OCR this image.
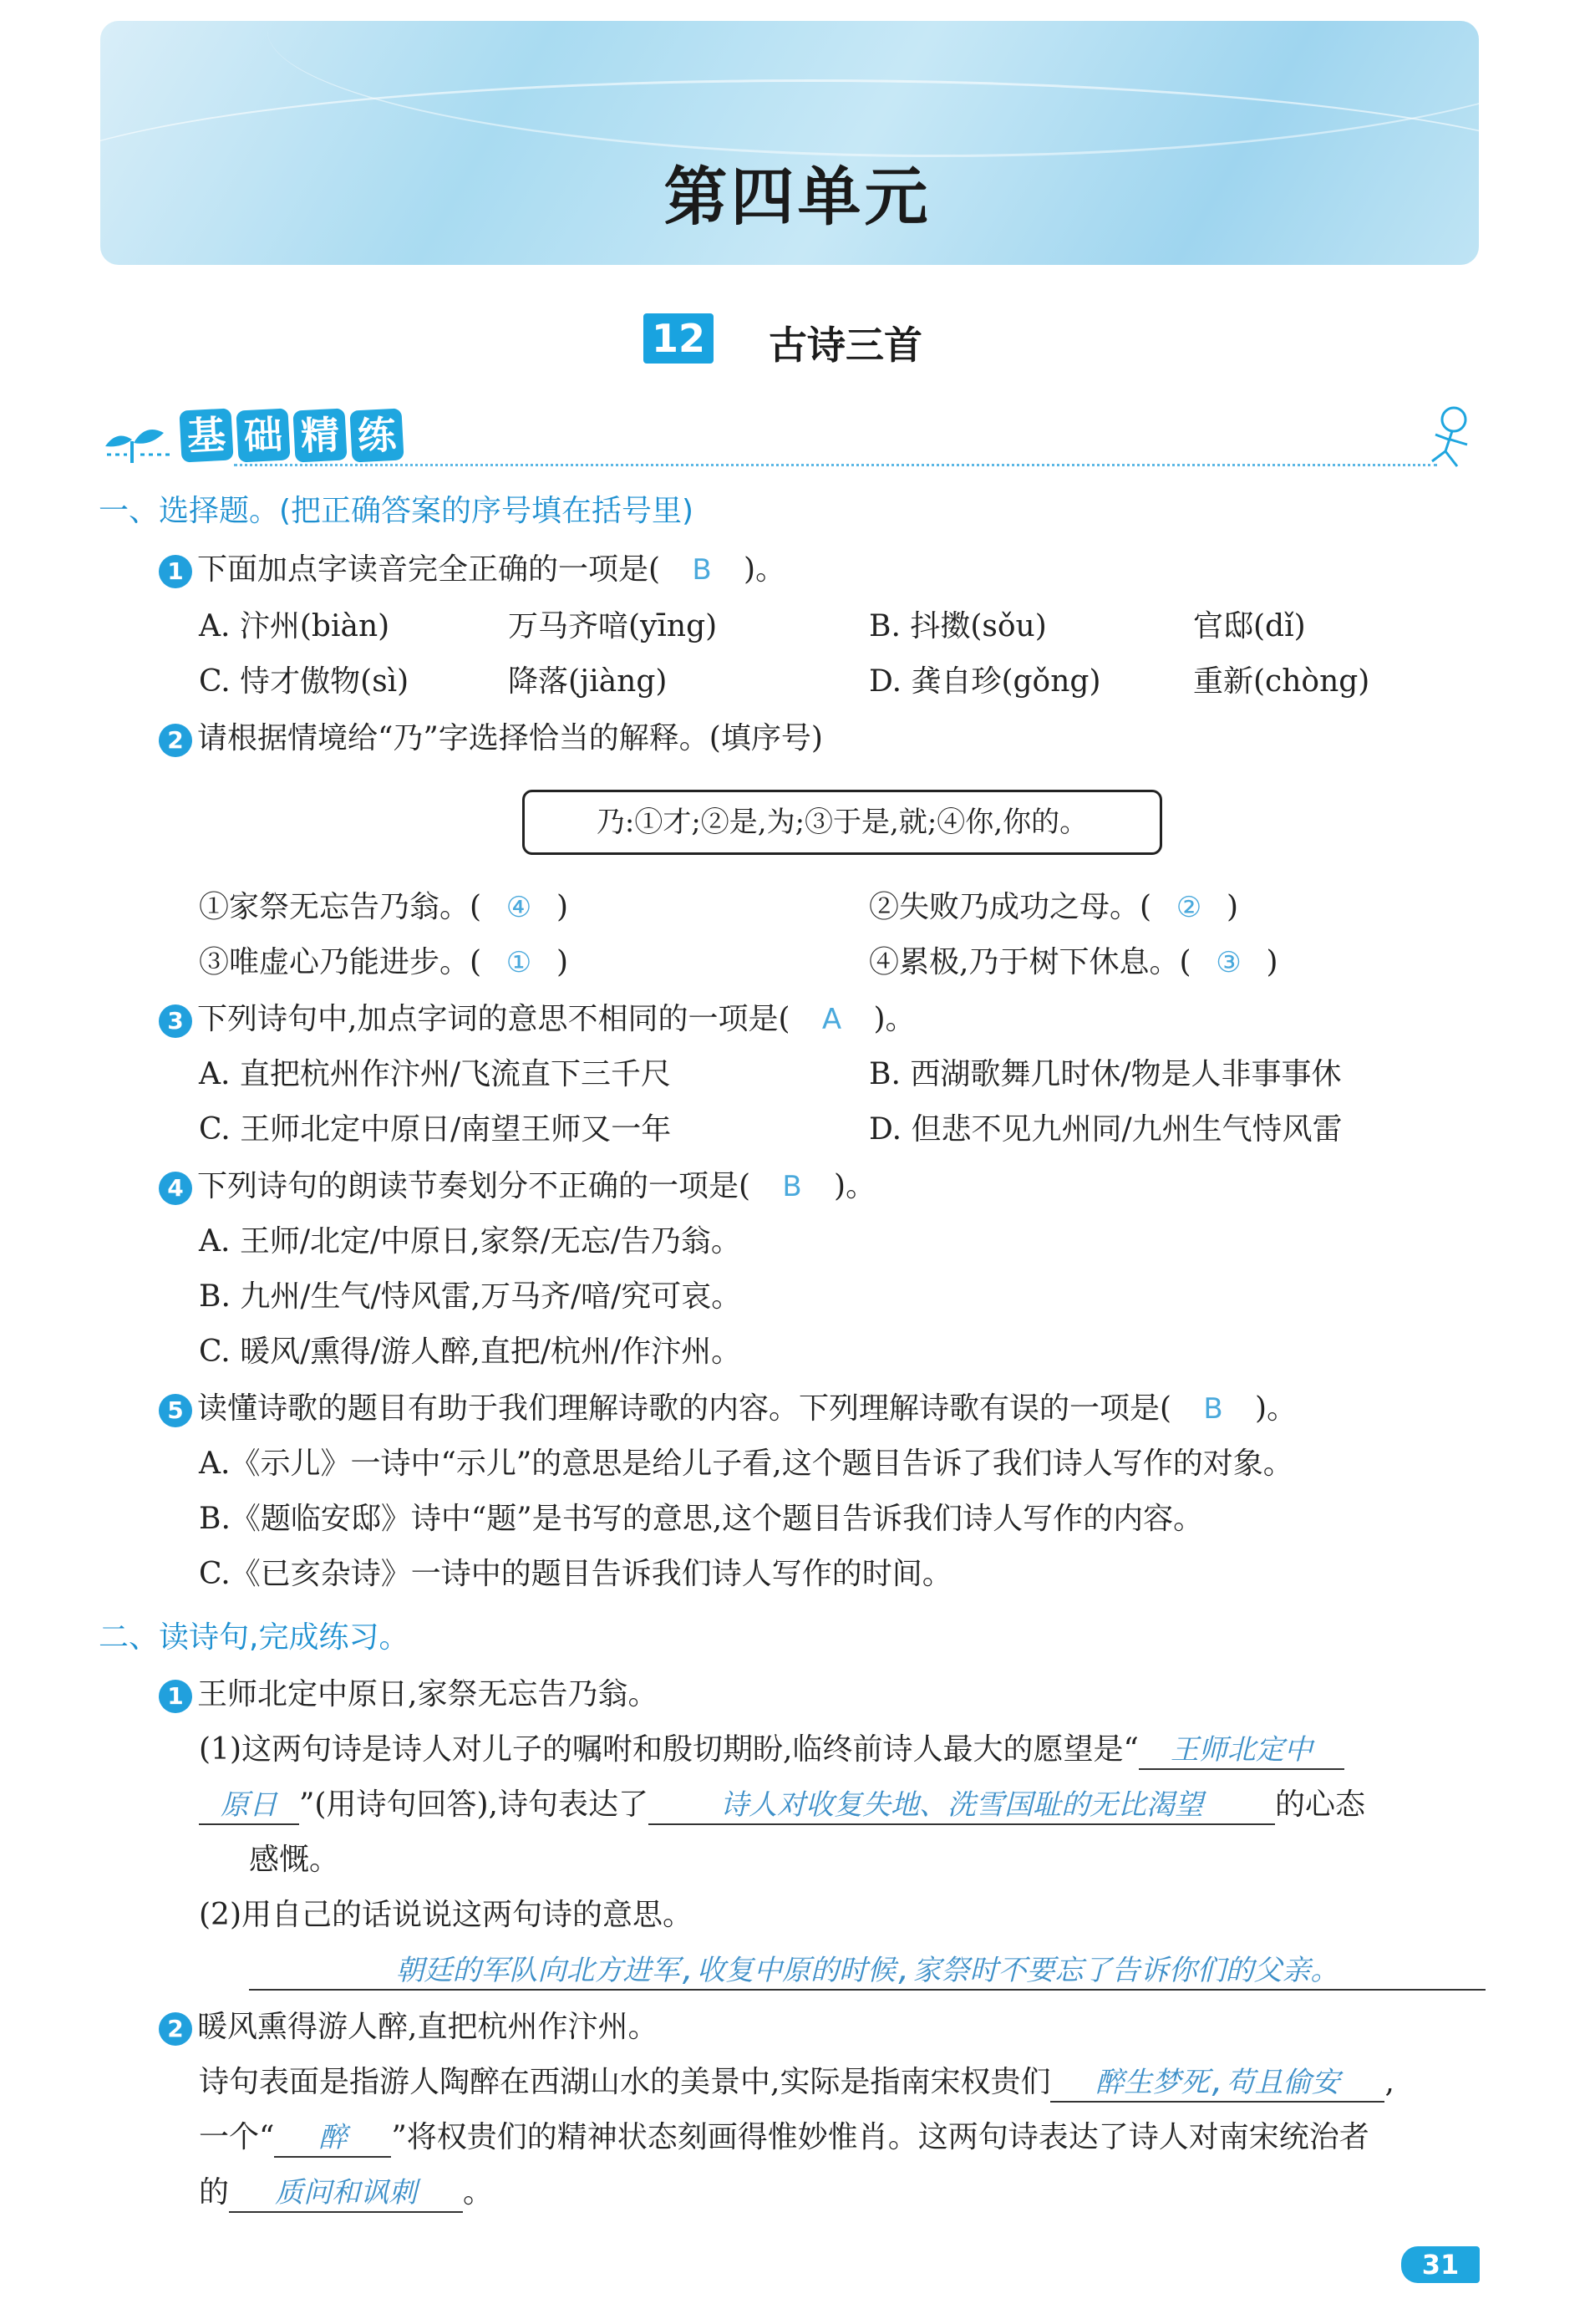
第四单元
12 古诗三首
基 础 精 练
一、选择题。(把正确答案的序号填在括号里)
1 下面加点字读音完全正确的一项是( B )。
A. 汴州(biàn)	万马齐喑(yīng)	B. 抖擞(sǒu)	官邸(dǐ)
C. 恃才傲物(sì)	降落(jiàng)	D. 龚自珍(gǒng)	重新(chòng)
2 请根据情境给“乃”字选择恰当的解释。(填序号)
乃:①才;②是,为;③于是,就;④你,你的。
①家祭无忘告乃翁。( ④ )	②失败乃成功之母。( ② )
③唯虚心乃能进步。( ① )	④累极,乃于树下休息。( ③ )
3 下列诗句中,加点字词的意思不相同的一项是( A )。
A. 直把杭州作汴州/飞流直下三千尺	B. 西湖歌舞几时休/物是人非事事休
C. 王师北定中原日/南望王师又一年	D. 但悲不见九州同/九州生气恃风雷
4 下列诗句的朗读节奏划分不正确的一项是( B )。
A. 王师/北定/中原日,家祭/无忘/告乃翁。
B. 九州/生气/恃风雷,万马齐/喑/究可哀。
C. 暖风/熏得/游人醉,直把/杭州/作汴州。
5 读懂诗歌的题目有助于我们理解诗歌的内容。下列理解诗歌有误的一项是( B )。
A.《示儿》一诗中“示儿”的意思是给儿子看,这个题目告诉了我们诗人写作的对象。
B.《题临安邸》诗中“题”是书写的意思,这个题目告诉我们诗人写作的内容。
C.《已亥杂诗》一诗中的题目告诉我们诗人写作的时间。
二、读诗句,完成练习。
1 王师北定中原日,家祭无忘告乃翁。
(1)这两句诗是诗人对儿子的嘱咐和殷切期盼,临终前诗人最大的愿望是“ 王师北定中
原日 ”(用诗句回答),诗句表达了	诗人对收复失地、洗雪国耻的无比渴望 的心态
感慨。
(2)用自己的话说说这两句诗的意思。
朝廷的军队向北方进军,收复中原的时候,家祭时不要忘了告诉你们的父亲。
2 暖风熏得游人醉,直把杭州作汴州。
诗句表面是指游人陶醉在西湖山水的美景中,实际是指南宋权贵们 醉生梦死,苟且偷安 ,
一个“ 醉 ”将权贵们的精神状态刻画得惟妙惟肖。这两句诗表达了诗人对南宋统治者
的 质问和讽刺 。
31
